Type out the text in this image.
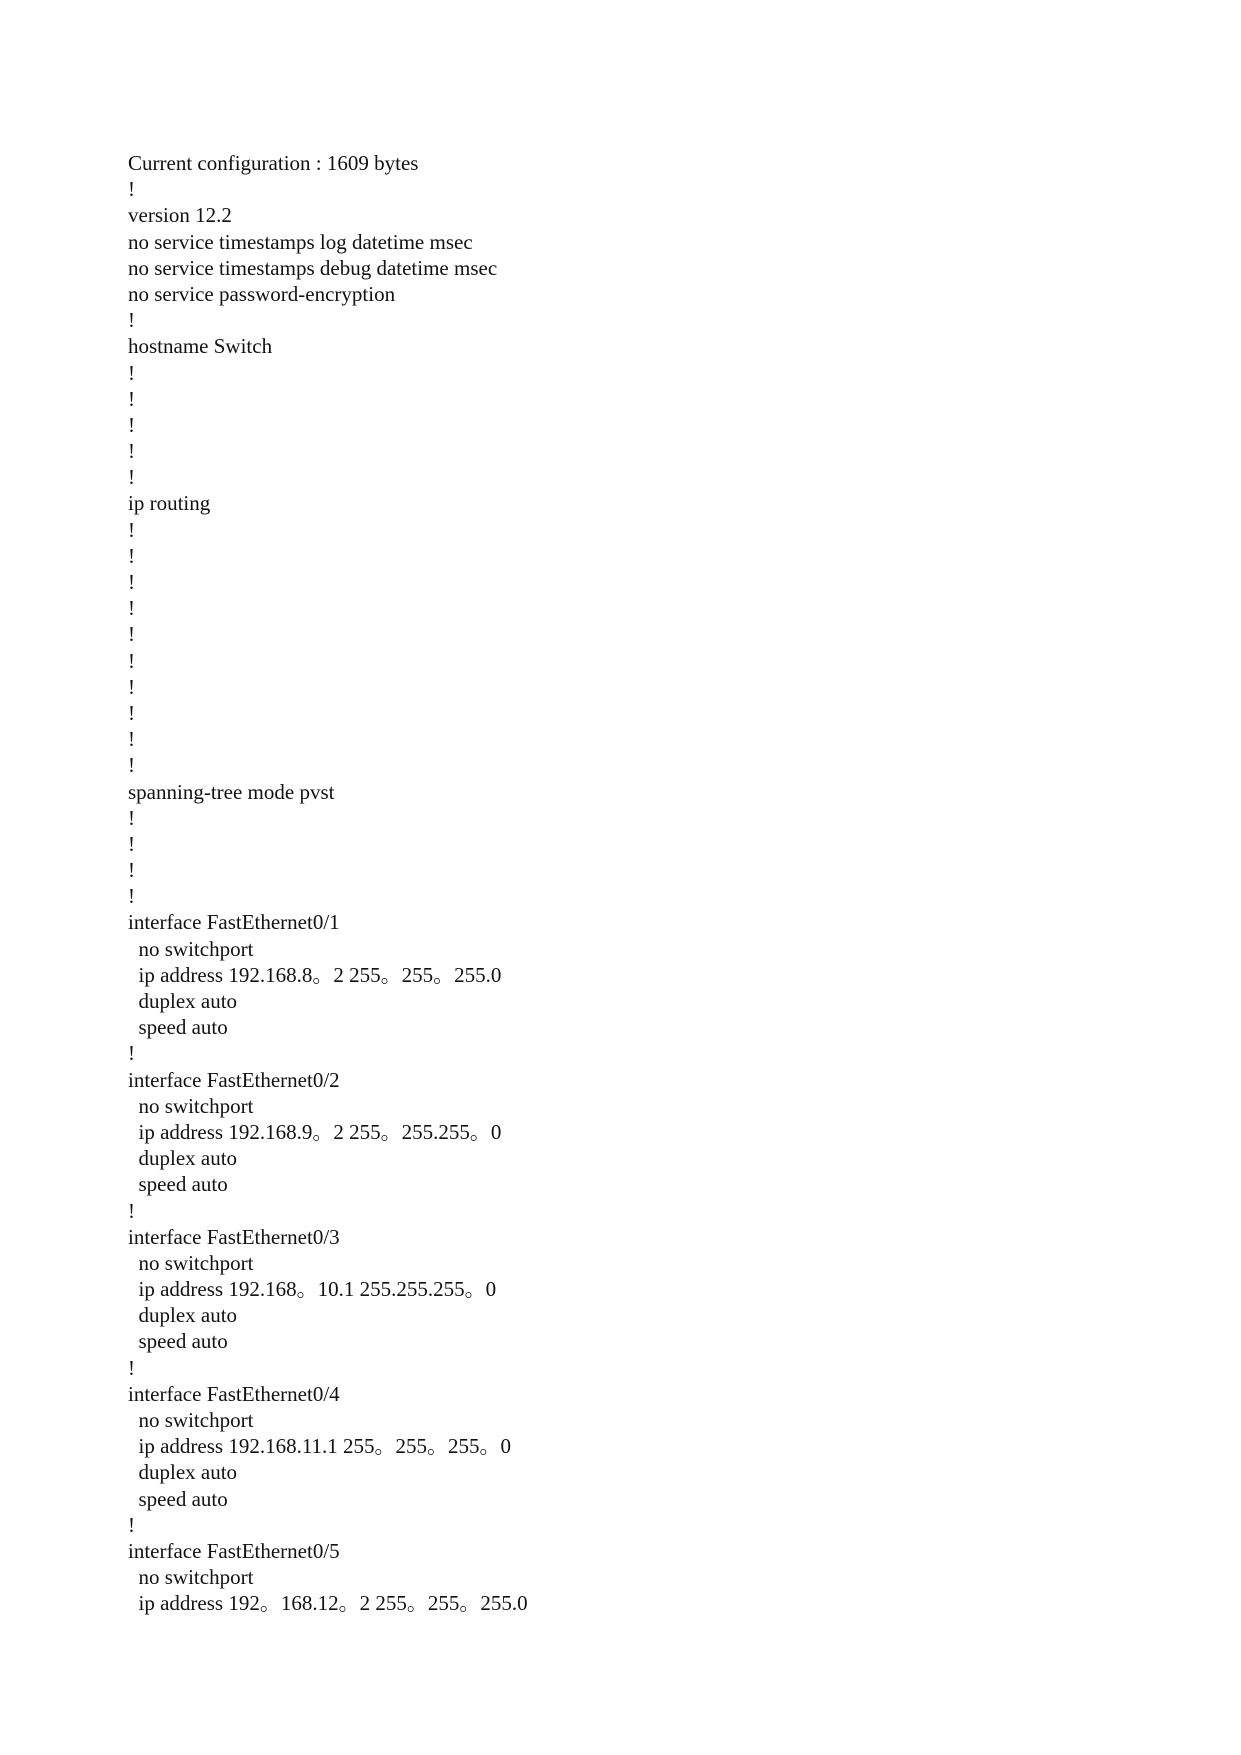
Current configuration : 1609 bytes
!
version 12.2
no service timestamps log datetime msec
no service timestamps debug datetime msec
no service password-encryption
!
hostname Switch
!
!
!
!
!
ip routing
!
!
!
!
!
!
!
!
!
!
spanning-tree mode pvst
!
!
!
!
interface FastEthernet0/1
no switchport
ip address 192.168.8。2 255。255。255.0
duplex auto
speed auto
!
interface FastEthernet0/2
no switchport
ip address 192.168.9。2 255。255.255。0
duplex auto
speed auto
!
interface FastEthernet0/3
no switchport
ip address 192.168。10.1 255.255.255。0
duplex auto
speed auto
!
interface FastEthernet0/4
no switchport
ip address 192.168.11.1 255。255。255。0
duplex auto
speed auto
!
interface FastEthernet0/5
no switchport
ip address 192。168.12。2 255。255。255.0
